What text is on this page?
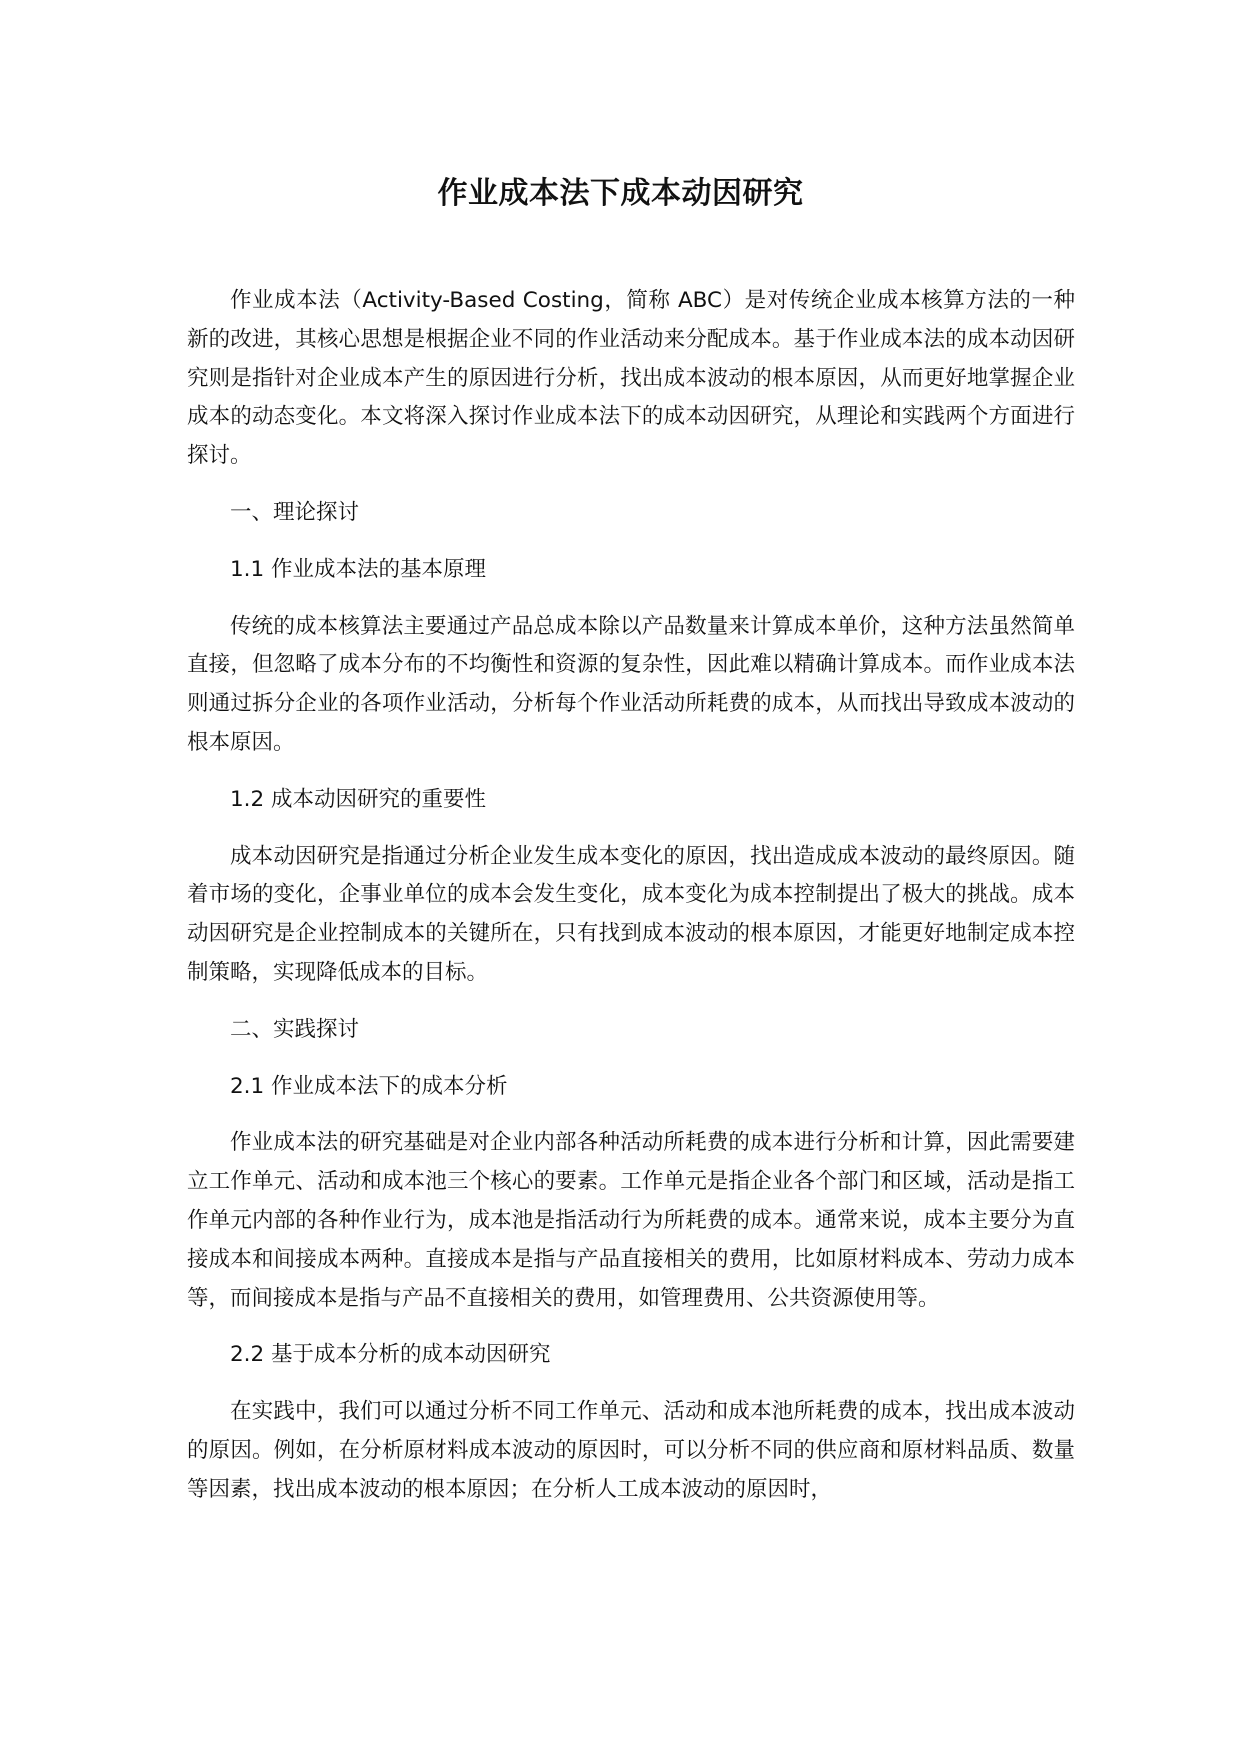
作业成本法下成本动因研究

作业成本法（Activity-Based Costing，简称 ABC）是对传统企业成本核算方法的一种新的改进，其核心思想是根据企业不同的作业活动来分配成本。基于作业成本法的成本动因研究则是指针对企业成本产生的原因进行分析，找出成本波动的根本原因，从而更好地掌握企业成本的动态变化。本文将深入探讨作业成本法下的成本动因研究，从理论和实践两个方面进行探讨。

一、理论探讨

1.1 作业成本法的基本原理

传统的成本核算法主要通过产品总成本除以产品数量来计算成本单价，这种方法虽然简单直接，但忽略了成本分布的不均衡性和资源的复杂性，因此难以精确计算成本。而作业成本法则通过拆分企业的各项作业活动，分析每个作业活动所耗费的成本，从而找出导致成本波动的根本原因。

1.2 成本动因研究的重要性

成本动因研究是指通过分析企业发生成本变化的原因，找出造成成本波动的最终原因。随着市场的变化，企事业单位的成本会发生变化，成本变化为成本控制提出了极大的挑战。成本动因研究是企业控制成本的关键所在，只有找到成本波动的根本原因，才能更好地制定成本控制策略，实现降低成本的目标。

二、实践探讨

2.1 作业成本法下的成本分析

作业成本法的研究基础是对企业内部各种活动所耗费的成本进行分析和计算，因此需要建立工作单元、活动和成本池三个核心的要素。工作单元是指企业各个部门和区域，活动是指工作单元内部的各种作业行为，成本池是指活动行为所耗费的成本。通常来说，成本主要分为直接成本和间接成本两种。直接成本是指与产品直接相关的费用，比如原材料成本、劳动力成本等，而间接成本是指与产品不直接相关的费用，如管理费用、公共资源使用等。

2.2 基于成本分析的成本动因研究

在实践中，我们可以通过分析不同工作单元、活动和成本池所耗费的成本，找出成本波动的原因。例如，在分析原材料成本波动的原因时，可以分析不同的供应商和原材料品质、数量等因素，找出成本波动的根本原因；在分析人工成本波动的原因时，
